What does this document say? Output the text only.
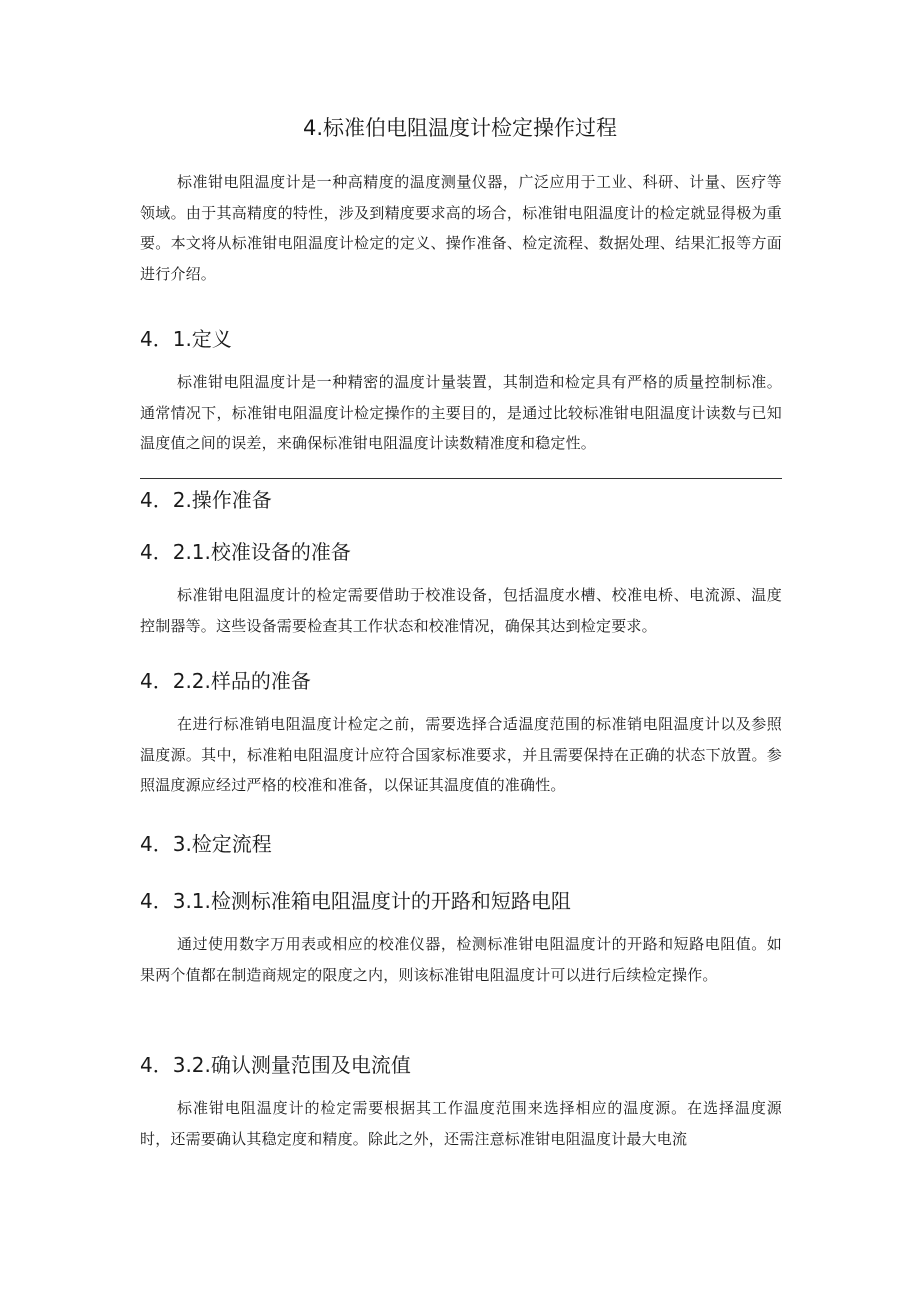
4.标准伯电阻温度计检定操作过程

标准钳电阻温度计是一种高精度的温度测量仪器，广泛应用于工业、科研、计量、医疗等领域。由于其高精度的特性，涉及到精度要求高的场合，标准钳电阻温度计的检定就显得极为重要。本文将从标准钳电阻温度计检定的定义、操作准备、检定流程、数据处理、结果汇报等方面进行介绍。

4．1.定义

标准钳电阻温度计是一种精密的温度计量装置，其制造和检定具有严格的质量控制标准。通常情况下，标准钳电阻温度计检定操作的主要目的，是通过比较标准钳电阻温度计读数与已知温度值之间的误差，来确保标准钳电阻温度计读数精准度和稳定性。

4．2.操作准备
4．2.1.校准设备的准备

标准钳电阻温度计的检定需要借助于校准设备，包括温度水槽、校准电桥、电流源、温度控制器等。这些设备需要检查其工作状态和校准情况，确保其达到检定要求。

4．2.2.样品的准备

在进行标准销电阻温度计检定之前，需要选择合适温度范围的标准销电阻温度计以及参照温度源。其中，标准粕电阻温度计应符合国家标准要求，并且需要保持在正确的状态下放置。参照温度源应经过严格的校准和准备，以保证其温度值的准确性。

4．3.检定流程
4．3.1.检测标准箱电阻温度计的开路和短路电阻

通过使用数字万用表或相应的校准仪器，检测标准钳电阻温度计的开路和短路电阻值。如果两个值都在制造商规定的限度之内，则该标准钳电阻温度计可以进行后续检定操作。

4．3.2.确认测量范围及电流值

标准钳电阻温度计的检定需要根据其工作温度范围来选择相应的温度源。在选择温度源时，还需要确认其稳定度和精度。除此之外，还需注意标准钳电阻温度计最大电流
